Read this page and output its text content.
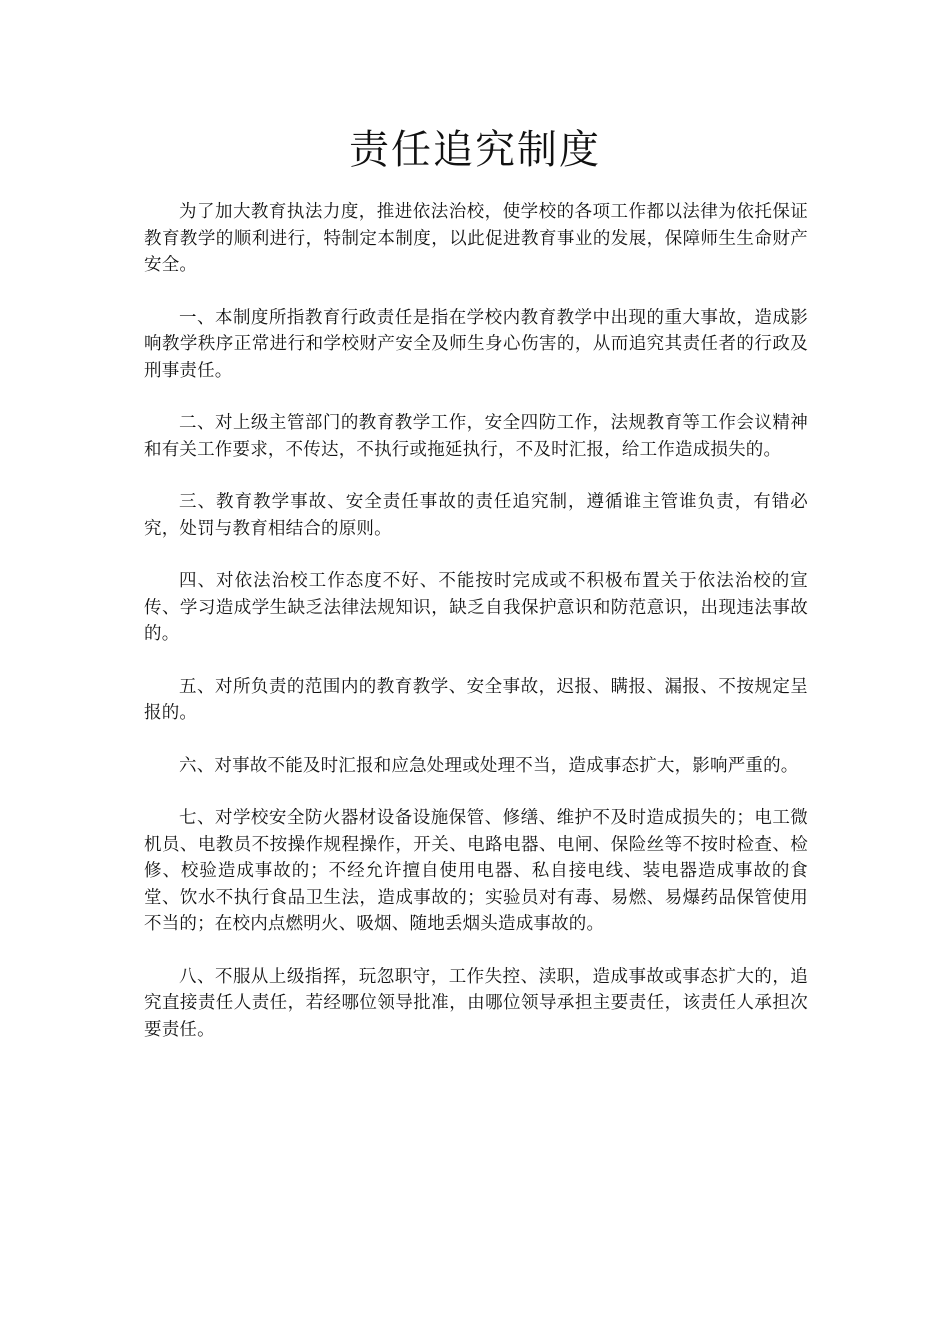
责任追究制度

为了加大教育执法力度，推进依法治校，使学校的各项工作都以法律为依托保证教育教学的顺利进行，特制定本制度，以此促进教育事业的发展，保障师生生命财产安全。

一、本制度所指教育行政责任是指在学校内教育教学中出现的重大事故，造成影响教学秩序正常进行和学校财产安全及师生身心伤害的，从而追究其责任者的行政及刑事责任。

二、对上级主管部门的教育教学工作，安全四防工作，法规教育等工作会议精神和有关工作要求，不传达，不执行或拖延执行，不及时汇报，给工作造成损失的。

三、教育教学事故、安全责任事故的责任追究制，遵循谁主管谁负责，有错必究，处罚与教育相结合的原则。

四、对依法治校工作态度不好、不能按时完成或不积极布置关于依法治校的宣传、学习造成学生缺乏法律法规知识，缺乏自我保护意识和防范意识，出现违法事故的。

五、对所负责的范围内的教育教学、安全事故，迟报、瞒报、漏报、不按规定呈报的。

六、对事故不能及时汇报和应急处理或处理不当，造成事态扩大，影响严重的。

七、对学校安全防火器材设备设施保管、修缮、维护不及时造成损失的；电工微机员、电教员不按操作规程操作，开关、电路电器、电闸、保险丝等不按时检查、检修、校验造成事故的；不经允许擅自使用电器、私自接电线、装电器造成事故的食堂、饮水不执行食品卫生法，造成事故的；实验员对有毒、易燃、易爆药品保管使用不当的；在校内点燃明火、吸烟、随地丢烟头造成事故的。

八、不服从上级指挥，玩忽职守，工作失控、渎职，造成事故或事态扩大的，追究直接责任人责任，若经哪位领导批准，由哪位领导承担主要责任，该责任人承担次要责任。
